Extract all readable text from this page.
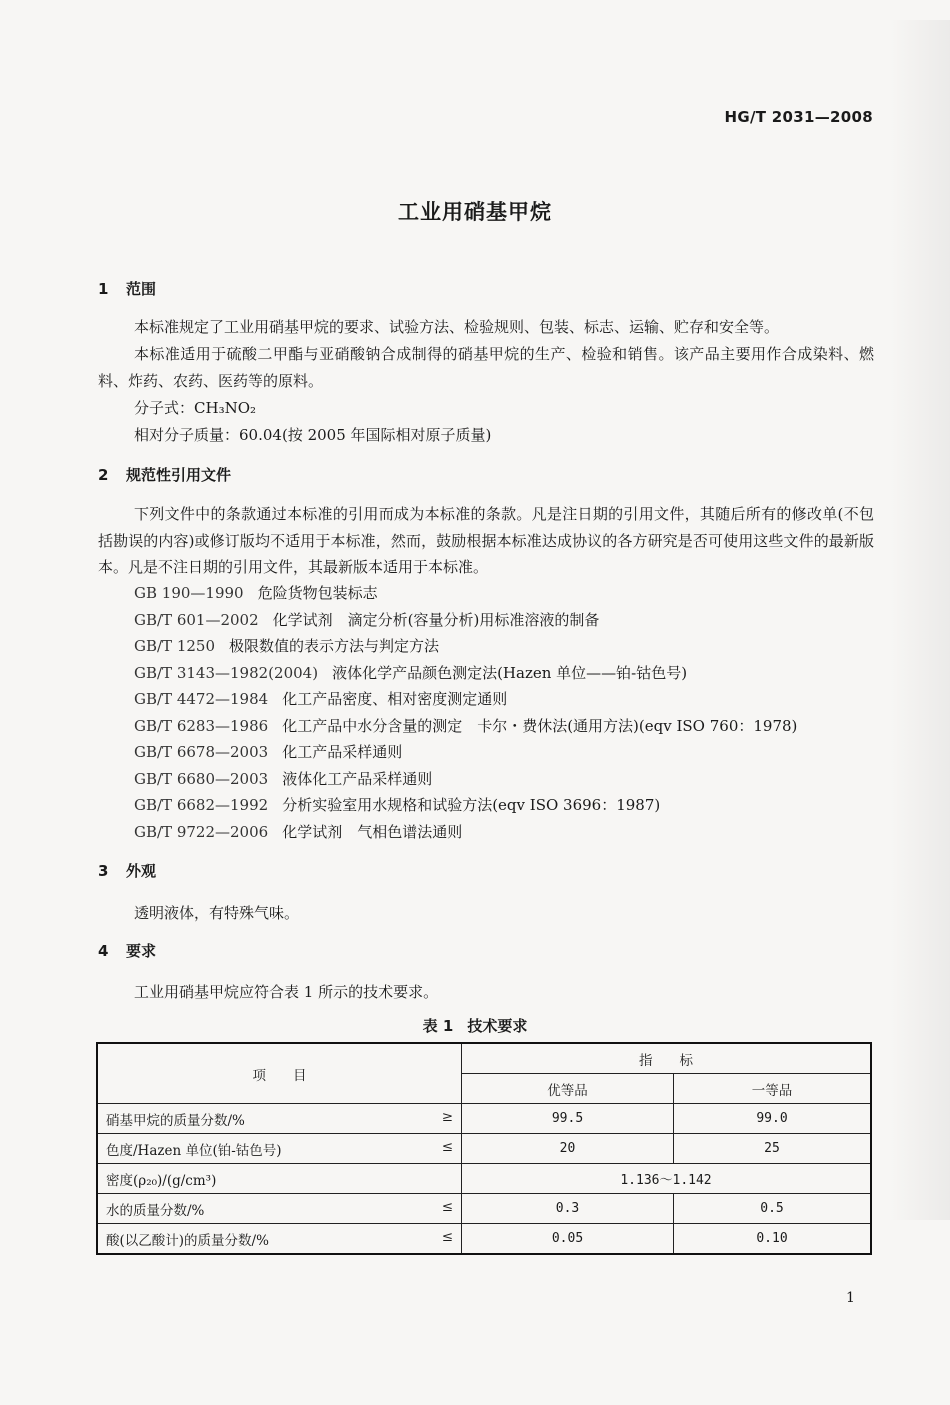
HG/T 2031—2008
工业用硝基甲烷
1 范围
本标准规定了工业用硝基甲烷的要求、试验方法、检验规则、包装、标志、运输、贮存和安全等。
本标准适用于硫酸二甲酯与亚硝酸钠合成制得的硝基甲烷的生产、检验和销售。该产品主要用作合成染料、燃料、炸药、农药、医药等的原料。
分子式：CH₃NO₂
相对分子质量：60.04(按 2005 年国际相对原子质量)
2 规范性引用文件
下列文件中的条款通过本标准的引用而成为本标准的条款。凡是注日期的引用文件，其随后所有的修改单(不包括勘误的内容)或修订版均不适用于本标准，然而，鼓励根据本标准达成协议的各方研究是否可使用这些文件的最新版本。凡是不注日期的引用文件，其最新版本适用于本标准。
GB 190—1990 危险货物包装标志
GB/T 601—2002 化学试剂　滴定分析(容量分析)用标准溶液的制备
GB/T 1250 极限数值的表示方法与判定方法
GB/T 3143—1982(2004) 液体化学产品颜色测定法(Hazen 单位——铂-钴色号)
GB/T 4472—1984 化工产品密度、相对密度测定通则
GB/T 6283—1986 化工产品中水分含量的测定　卡尔・费休法(通用方法)(eqv ISO 760：1978)
GB/T 6678—2003 化工产品采样通则
GB/T 6680—2003 液体化工产品采样通则
GB/T 6682—1992 分析实验室用水规格和试验方法(eqv ISO 3696：1987)
GB/T 9722—2006 化学试剂　气相色谱法通则
3 外观
透明液体，有特殊气味。
4 要求
工业用硝基甲烷应符合表 1 所示的技术要求。
表 1 技术要求
项　　目	指　　标	
	优等品	一等品

硝基甲烷的质量分数/% ≥	99.5	99.0

色度/Hazen 单位(铂-钴色号) ≤	20	25

密度(ρ₂₀)/(g/cm³)	1.136～1.142	

水的质量分数/% ≤	0.3	0.5

酸(以乙酸计)的质量分数/% ≤	0.05	0.10
1
